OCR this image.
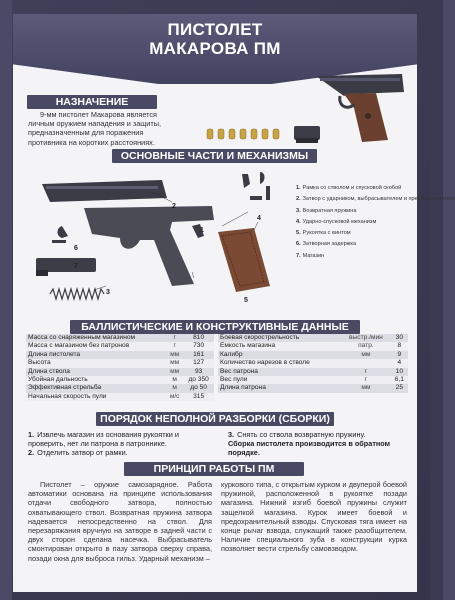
ПИСТОЛЕТ МАКАРОВА ПМ
НАЗНАЧЕНИЕ
9-мм пистолет Макарова является личным оружием нападения и защиты, предназначенным для поражения противника на коротких расстояниях.
ОСНОВНЫЕ ЧАСТИ И МЕХАНИЗМЫ
1
2
3
4
5
6
7
1. Рамка со стволом и спусковой скобой
2. Затвор с ударником, выбрасывателем и предохранителем
3. Возвратная пружина
4. Ударно-спусковой механизм
5. Рукоятка с винтом
6. Затворная задержка
7. Магазин
БАЛЛИСТИЧЕСКИЕ И КОНСТРУКТИВНЫЕ ДАННЫЕ
Масса со снаряженным магазином	г	810
Масса с магазином без патронов	г	730
Длина пистолета	мм	161
Высота	мм	127
Длина ствола	мм	93
Убойная дальность	м	до 350
Эффективная стрельба	м	до 50
Начальная скорость пули	м/с	315
Боевая скорострельность	выстр./мин	30
Емкость магазина	патр.	8
Калибр	мм	9
Количество нарезов в стволе		4
Вес патрона	г	10
Вес пули	г	6,1
Длина патрона	мм	25
ПОРЯДОК НЕПОЛНОЙ РАЗБОРКИ (СБОРКИ)
1. Извлечь магазин из основания рукоятки и проверить, нет ли патрона в патроннике.
2. Отделить затвор от рамки.
3. Снять со ствола возвратную пружину.
Сборка пистолета производится в обратном порядке.
ПРИНЦИП РАБОТЫ ПМ
Пистолет – оружие самозарядное. Работа автоматики основана на принципе использования отдачи свободного затвора, полностью охватывающего ствол. Возвратная пружина затвора надевается непосредственно на ствол. Для перезаряжания вручную на затворе в задней части с двух сторон сделана насечка. Выбрасыватель смонтирован открыто в пазу затвора сверху справа, позади окна для выброса гильз. Ударный механизм –
куркового типа, с открытым курком и двуперой боевой пружиной, расположенной в рукоятке позади магазина. Нижний изгиб боевой пружины служит защелкой магазина. Курок имеет боевой и предохранительный взводы. Спусковая тяга имеет на конце рычаг взвода, служащий также разобщителем. Наличие специального зуба в конструкции курка позволяет вести стрельбу самовзводом.
